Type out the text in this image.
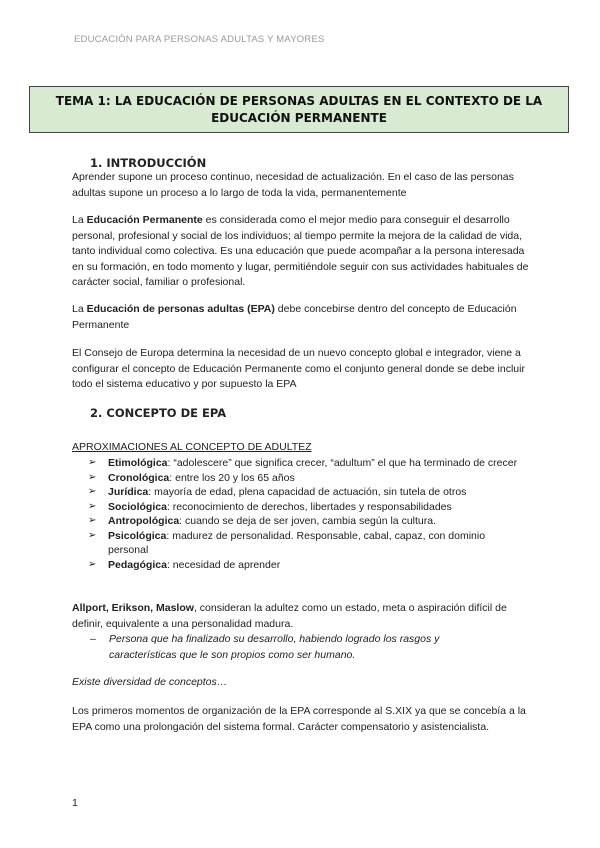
EDUCACIÓN PARA PERSONAS ADULTAS Y MAYORES
TEMA 1: LA EDUCACIÓN DE PERSONAS ADULTAS EN EL CONTEXTO DE LA EDUCACIÓN PERMANENTE
1. INTRODUCCIÓN
Aprender supone un proceso continuo, necesidad de actualización. En el caso de las personas adultas supone un proceso a lo largo de toda la vida, permanentemente
La Educación Permanente es considerada como el mejor medio para conseguir el desarrollo personal, profesional y social de los individuos; al tiempo permite la mejora de la calidad de vida, tanto individual como colectiva. Es una educación que puede acompañar a la persona interesada en su formación, en todo momento y lugar, permitiéndole seguir con sus actividades habituales de carácter social, familiar o profesional.
La Educación de personas adultas (EPA) debe concebirse dentro del concepto de Educación Permanente
El Consejo de Europa determina la necesidad de un nuevo concepto global e integrador, viene a configurar el concepto de Educación Permanente como el conjunto general donde se debe incluir todo el sistema educativo y por supuesto la EPA
2. CONCEPTO DE EPA
APROXIMACIONES AL CONCEPTO DE ADULTEZ
➢ Etimológica: “adolescere” que significa crecer, “adultum” el que ha terminado de crecer
➢ Cronológica: entre los 20 y los 65 años
➢ Jurídica: mayoría de edad, plena capacidad de actuación, sin tutela de otros
➢ Sociológica: reconocimiento de derechos, libertades y responsabilidades
➢ Antropológica: cuando se deja de ser joven, cambia según la cultura.
➢ Psicológica: madurez de personalidad. Responsable, cabal, capaz, con dominio personal
➢ Pedagógica: necesidad de aprender
Allport, Erikson, Maslow, consideran la adultez como un estado, meta o aspiración difícil de definir, equivalente a una personalidad madura.
–	Persona que ha finalizado su desarrollo, habiendo logrado los rasgos y características que le son propios como ser humano.
Existe diversidad de conceptos…
Los primeros momentos de organización de la EPA corresponde al S.XIX ya que se concebía a la EPA como una prolongación del sistema formal. Carácter compensatorio y asistencialista.
1
